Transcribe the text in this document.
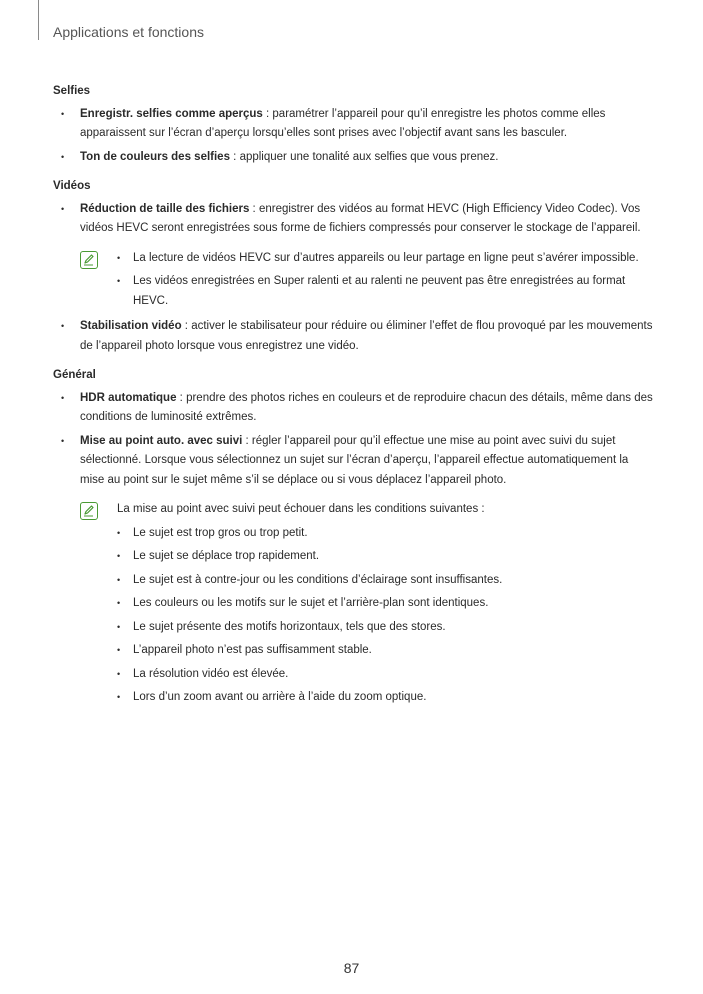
Applications et fonctions

Selfies

• Enregistr. selfies comme aperçus : paramétrer l’appareil pour qu’il enregistre les photos comme elles apparaissent sur l’écran d’aperçu lorsqu’elles sont prises avec l’objectif avant sans les basculer.
• Ton de couleurs des selfies : appliquer une tonalité aux selfies que vous prenez.

Vidéos

• Réduction de taille des fichiers : enregistrer des vidéos au format HEVC (High Efficiency Video Codec). Vos vidéos HEVC seront enregistrées sous forme de fichiers compressés pour conserver le stockage de l’appareil.
• La lecture de vidéos HEVC sur d’autres appareils ou leur partage en ligne peut s’avérer impossible.
• Les vidéos enregistrées en Super ralenti et au ralenti ne peuvent pas être enregistrées au format HEVC.
• Stabilisation vidéo : activer le stabilisateur pour réduire ou éliminer l’effet de flou provoqué par les mouvements de l’appareil photo lorsque vous enregistrez une vidéo.

Général

• HDR automatique : prendre des photos riches en couleurs et de reproduire chacun des détails, même dans des conditions de luminosité extrêmes.
• Mise au point auto. avec suivi : régler l’appareil pour qu’il effectue une mise au point avec suivi du sujet sélectionné. Lorsque vous sélectionnez un sujet sur l’écran d’aperçu, l’appareil effectue automatiquement la mise au point sur le sujet même s’il se déplace ou si vous déplacez l’appareil photo.

La mise au point avec suivi peut échouer dans les conditions suivantes :

• Le sujet est trop gros ou trop petit.
• Le sujet se déplace trop rapidement.
• Le sujet est à contre-jour ou les conditions d’éclairage sont insuffisantes.
• Les couleurs ou les motifs sur le sujet et l’arrière-plan sont identiques.
• Le sujet présente des motifs horizontaux, tels que des stores.
• L’appareil photo n’est pas suffisamment stable.
• La résolution vidéo est élevée.
• Lors d’un zoom avant ou arrière à l’aide du zoom optique.
87
